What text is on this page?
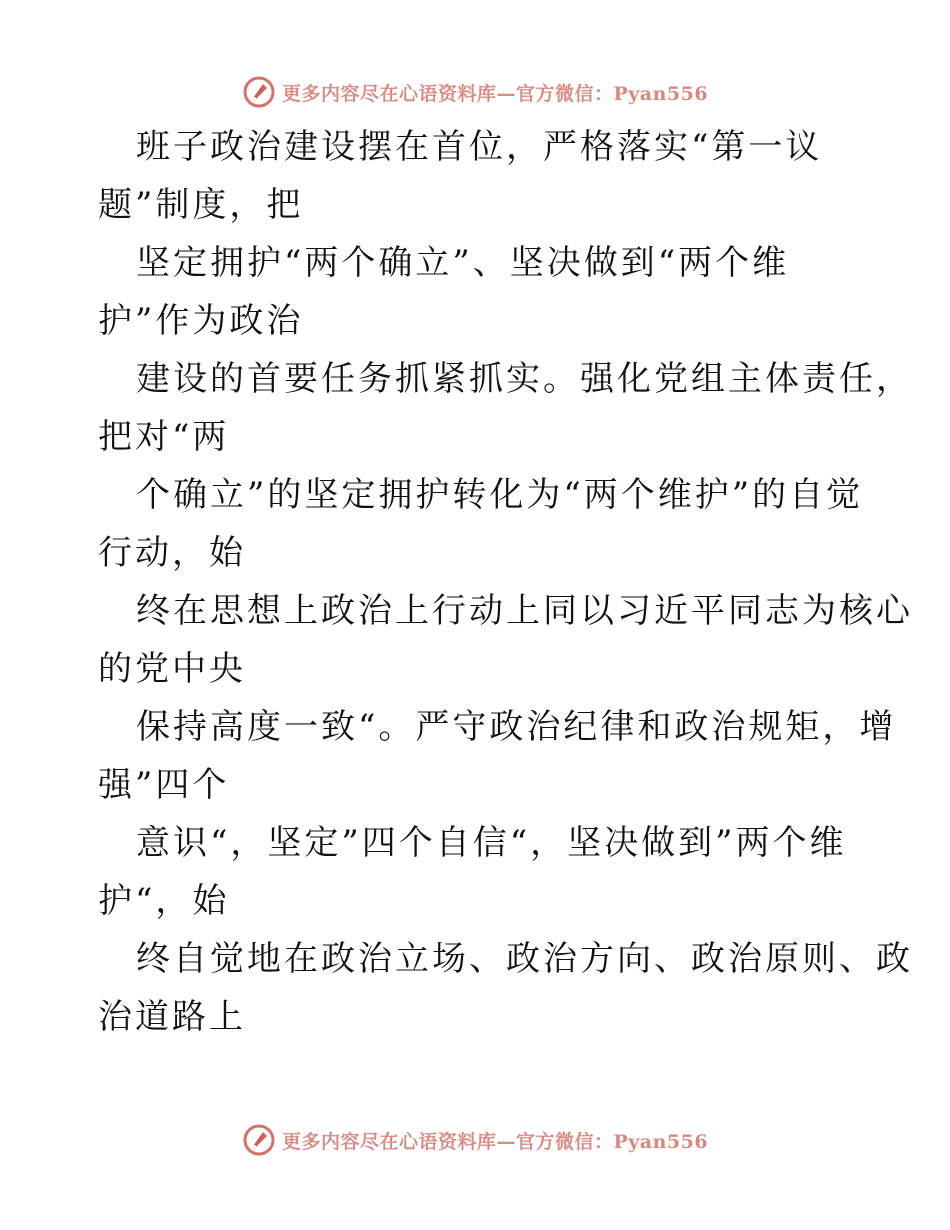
更多内容尽在心语资料库—官方微信：Pyan556
班子政治建设摆在首位，严格落实“第一议
题”制度，把
坚定拥护“两个确立”、坚决做到“两个维
护”作为政治
建设的首要任务抓紧抓实。强化党组主体责任，
把对“两
个确立”的坚定拥护转化为“两个维护”的自觉
行动，始
终在思想上政治上行动上同以习近平同志为核心
的党中央
保持高度一致“。严守政治纪律和政治规矩，增
强”四个
意识“，坚定”四个自信“，坚决做到”两个维
护“，始
终自觉地在政治立场、政治方向、政治原则、政
治道路上
更多内容尽在心语资料库—官方微信：Pyan556
